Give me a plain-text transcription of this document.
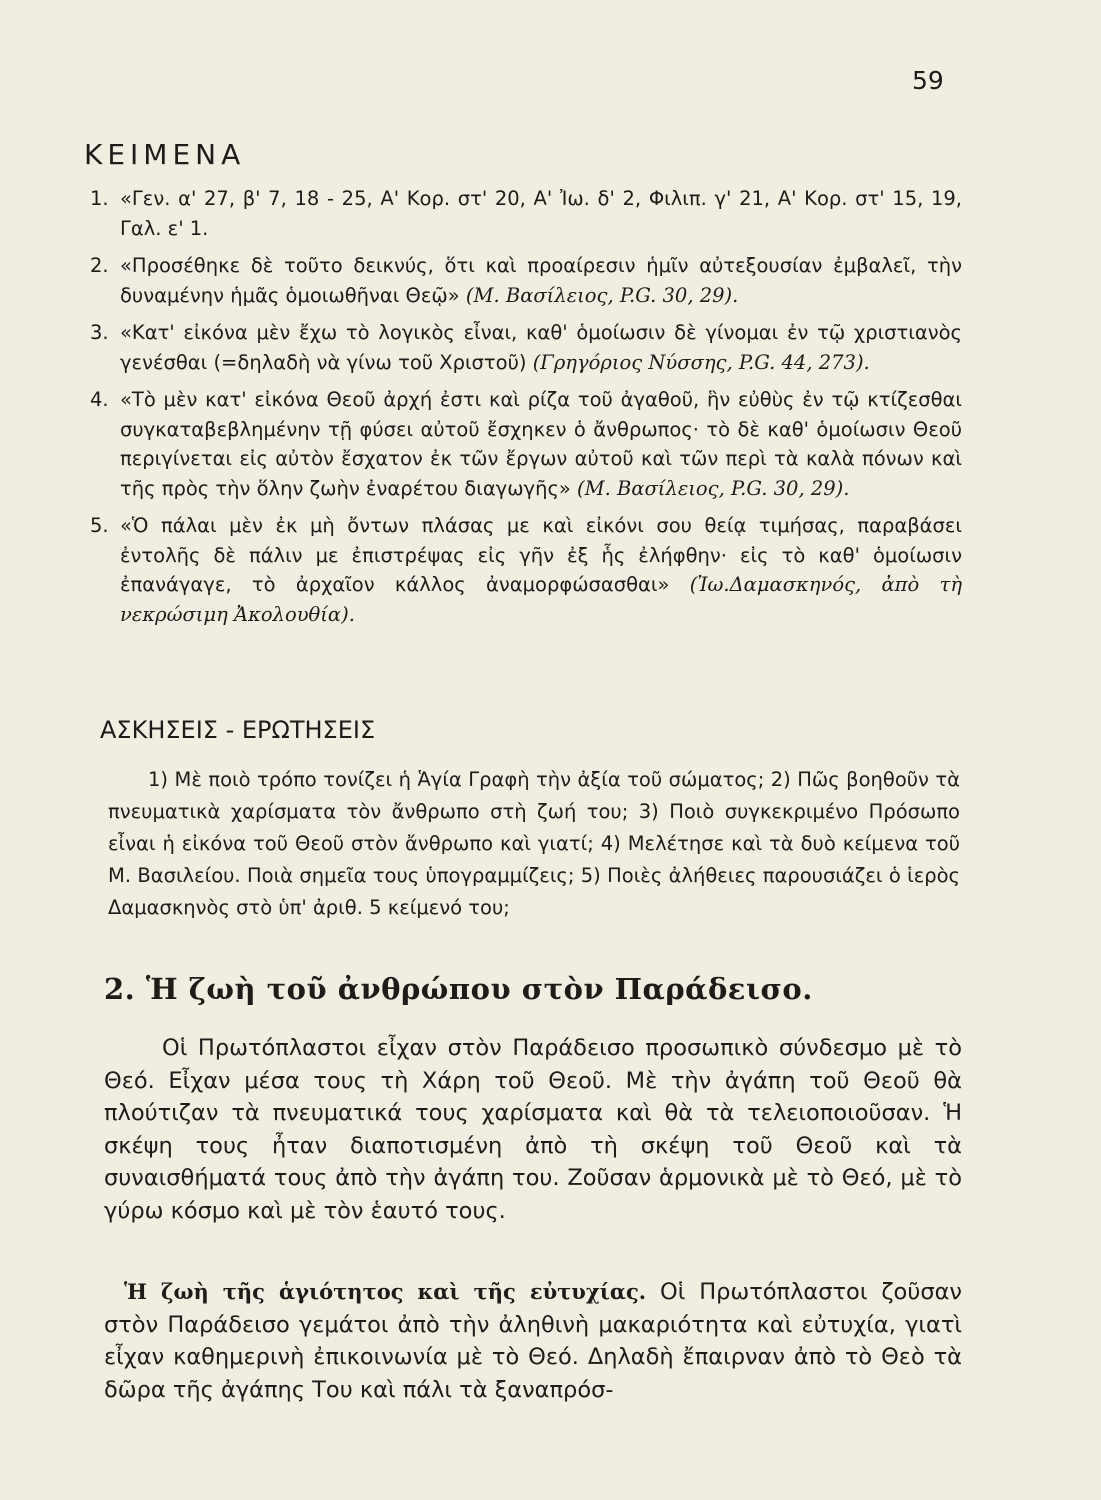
59
ΚΕΙΜΕΝΑ
1. «Γεν. α' 27, β' 7, 18 - 25, Α' Κορ. στ' 20, Α' Ἰω. δ' 2, Φιλιπ. γ' 21, Α' Κορ. στ' 15, 19, Γαλ. ε' 1.
2. «Προσέθηκε δὲ τοῦτο δεικνύς, ὅτι καὶ προαίρεσιν ἡμῖν αὐτεξουσίαν ἐμβαλεῖ, τὴν δυναμένην ἡμᾶς ὁμοιωθῆναι Θεῷ» (Μ. Βασίλειος, P.G. 30, 29).
3. «Κατ' εἰκόνα μὲν ἔχω τὸ λογικὸς εἶναι, καθ' ὁμοίωσιν δὲ γίνομαι ἐν τῷ χριστιανὸς γενέσθαι (=δηλαδὴ νὰ γίνω τοῦ Χριστοῦ) (Γρηγόριος Νύσσης, P.G. 44, 273).
4. «Τὸ μὲν κατ' εἰκόνα Θεοῦ ἀρχή ἐστι καὶ ρίζα τοῦ ἀγαθοῦ, ἣν εὐθὺς ἐν τῷ κτίζεσθαι συγκαταβεβλημένην τῇ φύσει αὐτοῦ ἔσχηκεν ὁ ἄνθρωπος· τὸ δὲ καθ' ὁμοίωσιν Θεοῦ περιγίνεται εἰς αὐτὸν ἔσχατον ἐκ τῶν ἔργων αὐτοῦ καὶ τῶν περὶ τὰ καλὰ πόνων καὶ τῆς πρὸς τὴν ὅλην ζωὴν ἐναρέτου διαγωγῆς» (Μ. Βασίλειος, P.G. 30, 29).
5. «Ὁ πάλαι μὲν ἐκ μὴ ὄντων πλάσας με καὶ εἰκόνι σου θείᾳ τιμήσας, παραβάσει ἐντολῆς δὲ πάλιν με ἐπιστρέψας εἰς γῆν ἐξ ἧς ἐλήφθην· εἰς τὸ καθ' ὁμοίωσιν ἐπανάγαγε, τὸ ἀρχαῖον κάλλος ἀναμορφώσασθαι» (Ἰω.Δαμασκηνός, ἀπὸ τὴ νεκρώσιμη Ἀκολουθία).
ΑΣΚΗΣΕΙΣ - ΕΡΩΤΗΣΕΙΣ

1) Μὲ ποιὸ τρόπο τονίζει ἡ Ἁγία Γραφὴ τὴν ἀξία τοῦ σώματος; 2) Πῶς βοηθοῦν τὰ πνευματικὰ χαρίσματα τὸν ἄνθρωπο στὴ ζωή του; 3) Ποιὸ συγκεκριμένο Πρόσωπο εἶναι ἡ εἰκόνα τοῦ Θεοῦ στὸν ἄνθρωπο καὶ γιατί; 4) Μελέτησε καὶ τὰ δυὸ κείμενα τοῦ Μ. Βασιλείου. Ποιὰ σημεῖα τους ὑπογραμμίζεις; 5) Ποιὲς ἀλήθειες παρουσιάζει ὁ ἱερὸς Δαμασκηνὸς στὸ ὑπ' ἀριθ. 5 κείμενό του;

2. Ἡ ζωὴ τοῦ ἀνθρώπου στὸν Παράδεισο.

Οἱ Πρωτόπλαστοι εἶχαν στὸν Παράδεισο προσωπικὸ σύνδεσμο μὲ τὸ Θεό. Εἶχαν μέσα τους τὴ Χάρη τοῦ Θεοῦ. Μὲ τὴν ἀγάπη τοῦ Θεοῦ θὰ πλούτιζαν τὰ πνευματικά τους χαρίσματα καὶ θὰ τὰ τελειοποιοῦσαν. Ἡ σκέψη τους ἦταν διαποτισμένη ἀπὸ τὴ σκέψη τοῦ Θεοῦ καὶ τὰ συναισθήματά τους ἀπὸ τὴν ἀγάπη του. Ζοῦσαν ἁρμονικὰ μὲ τὸ Θεό, μὲ τὸ γύρω κόσμο καὶ μὲ τὸν ἑαυτό τους.

Ἡ ζωὴ τῆς ἁγιότητος καὶ τῆς εὐτυχίας. Οἱ Πρωτόπλαστοι ζοῦσαν στὸν Παράδεισο γεμάτοι ἀπὸ τὴν ἀληθινὴ μακαριότητα καὶ εὐτυχία, γιατὶ εἶχαν καθημερινὴ ἐπικοινωνία μὲ τὸ Θεό. Δηλαδὴ ἔπαιρναν ἀπὸ τὸ Θεὸ τὰ δῶρα τῆς ἀγάπης Του καὶ πάλι τὰ ξαναπρόσ-
